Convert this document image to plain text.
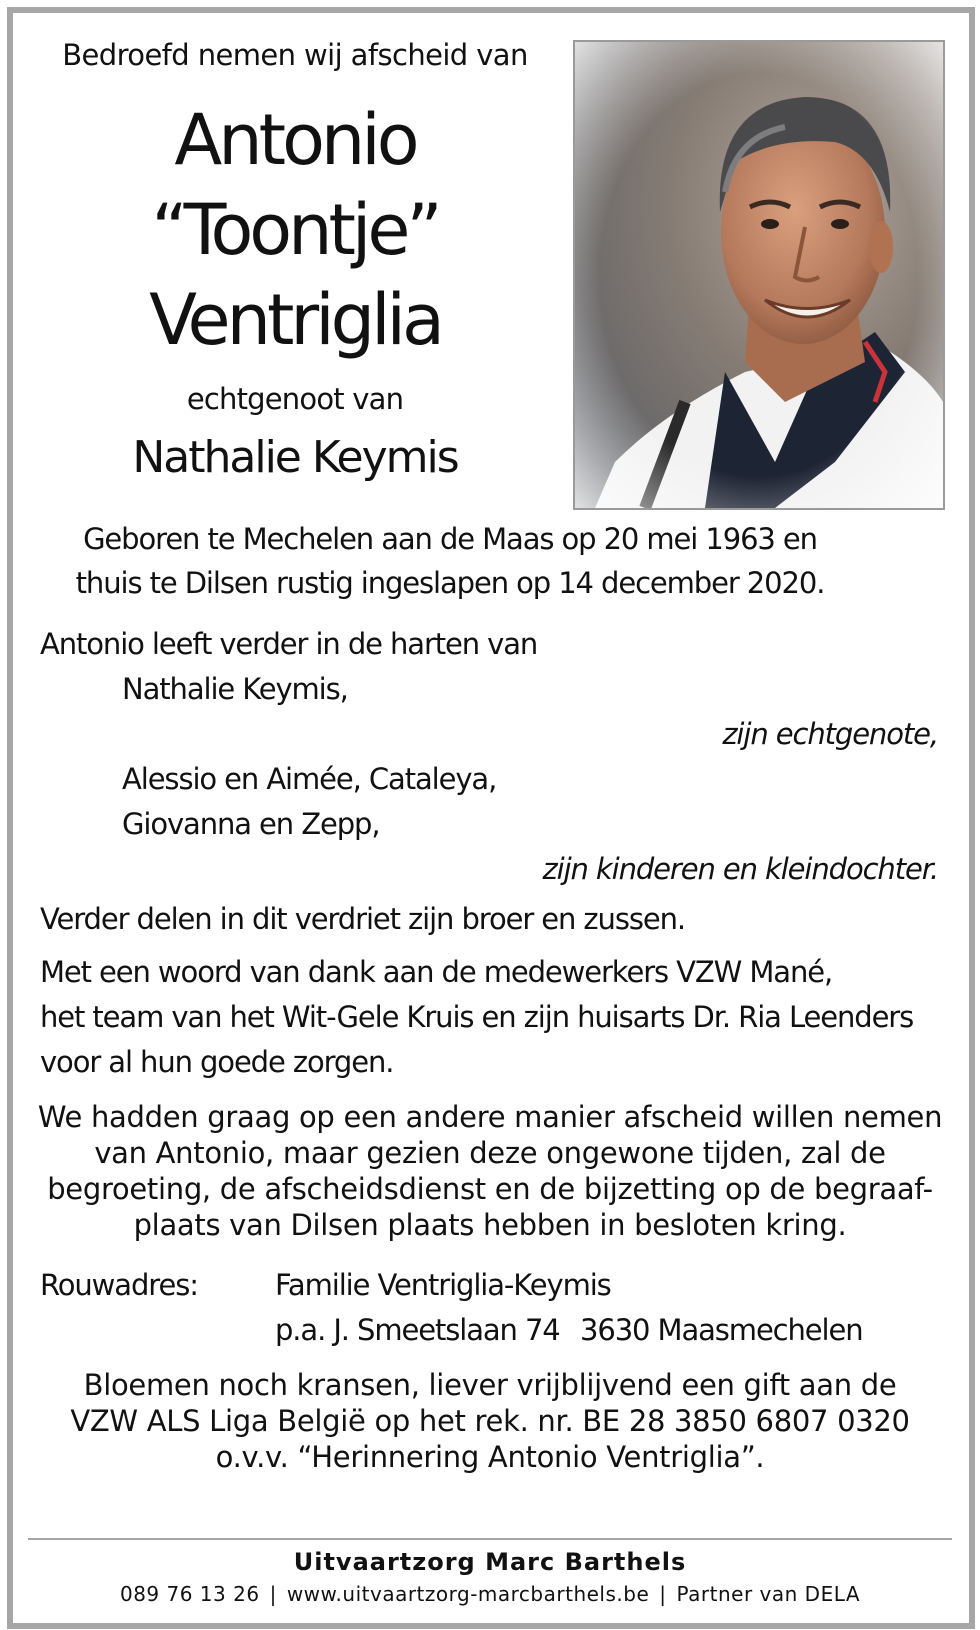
Bedroefd nemen wij afscheid van
Antonio
“Toontje”
Ventriglia
echtgenoot van
Nathalie Keymis
Geboren te Mechelen aan de Maas op 20 mei 1963 en
thuis te Dilsen rustig ingeslapen op 14 december 2020.
Antonio leeft verder in de harten van
Nathalie Keymis,
zijn echtgenote,
Alessio en Aimée, Cataleya,
Giovanna en Zepp,
zijn kinderen en kleindochter.
Verder delen in dit verdriet zijn broer en zussen.
Met een woord van dank aan de medewerkers VZW Mané,
het team van het Wit-Gele Kruis en zijn huisarts Dr. Ria Leenders
voor al hun goede zorgen.
We hadden graag op een andere manier afscheid willen nemen
van Antonio, maar gezien deze ongewone tijden, zal de
begroeting, de afscheidsdienst en de bijzetting op de begraaf-
plaats van Dilsen plaats hebben in besloten kring.
Rouwadres:	Familie Ventriglia-Keymis
p.a. J. Smeetslaan 74 3630 Maasmechelen
Bloemen noch kransen, liever vrijblijvend een gift aan de
VZW ALS Liga België op het rek. nr. BE 28 3850 6807 0320
o.v.v. “Herinnering Antonio Ventriglia”.
Uitvaartzorg Marc Barthels
089 76 13 26 | www.uitvaartzorg-marcbarthels.be | Partner van DELA
